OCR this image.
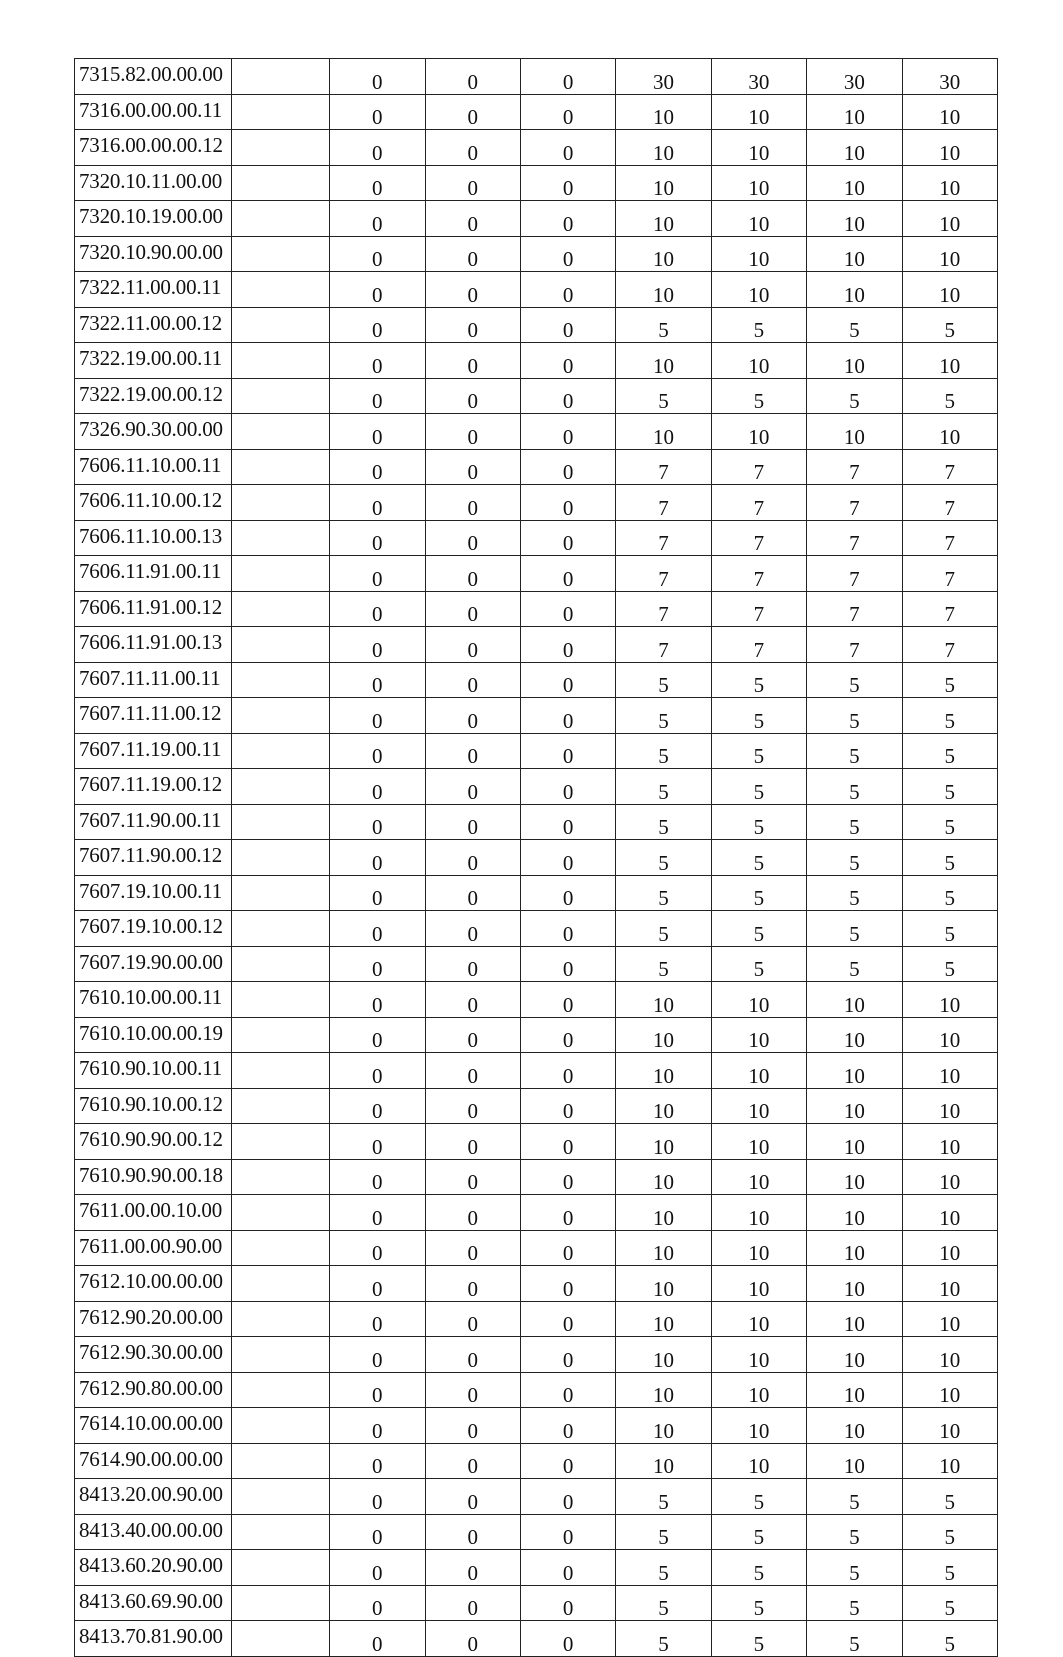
7315.82.00.00.00		0	0	0	30	30	30	30
7316.00.00.00.11		0	0	0	10	10	10	10
7316.00.00.00.12		0	0	0	10	10	10	10
7320.10.11.00.00		0	0	0	10	10	10	10
7320.10.19.00.00		0	0	0	10	10	10	10
7320.10.90.00.00		0	0	0	10	10	10	10
7322.11.00.00.11		0	0	0	10	10	10	10
7322.11.00.00.12		0	0	0	5	5	5	5
7322.19.00.00.11		0	0	0	10	10	10	10
7322.19.00.00.12		0	0	0	5	5	5	5
7326.90.30.00.00		0	0	0	10	10	10	10
7606.11.10.00.11		0	0	0	7	7	7	7
7606.11.10.00.12		0	0	0	7	7	7	7
7606.11.10.00.13		0	0	0	7	7	7	7
7606.11.91.00.11		0	0	0	7	7	7	7
7606.11.91.00.12		0	0	0	7	7	7	7
7606.11.91.00.13		0	0	0	7	7	7	7
7607.11.11.00.11		0	0	0	5	5	5	5
7607.11.11.00.12		0	0	0	5	5	5	5
7607.11.19.00.11		0	0	0	5	5	5	5
7607.11.19.00.12		0	0	0	5	5	5	5
7607.11.90.00.11		0	0	0	5	5	5	5
7607.11.90.00.12		0	0	0	5	5	5	5
7607.19.10.00.11		0	0	0	5	5	5	5
7607.19.10.00.12		0	0	0	5	5	5	5
7607.19.90.00.00		0	0	0	5	5	5	5
7610.10.00.00.11		0	0	0	10	10	10	10
7610.10.00.00.19		0	0	0	10	10	10	10
7610.90.10.00.11		0	0	0	10	10	10	10
7610.90.10.00.12		0	0	0	10	10	10	10
7610.90.90.00.12		0	0	0	10	10	10	10
7610.90.90.00.18		0	0	0	10	10	10	10
7611.00.00.10.00		0	0	0	10	10	10	10
7611.00.00.90.00		0	0	0	10	10	10	10
7612.10.00.00.00		0	0	0	10	10	10	10
7612.90.20.00.00		0	0	0	10	10	10	10
7612.90.30.00.00		0	0	0	10	10	10	10
7612.90.80.00.00		0	0	0	10	10	10	10
7614.10.00.00.00		0	0	0	10	10	10	10
7614.90.00.00.00		0	0	0	10	10	10	10
8413.20.00.90.00		0	0	0	5	5	5	5
8413.40.00.00.00		0	0	0	5	5	5	5
8413.60.20.90.00		0	0	0	5	5	5	5
8413.60.69.90.00		0	0	0	5	5	5	5
8413.70.81.90.00		0	0	0	5	5	5	5
